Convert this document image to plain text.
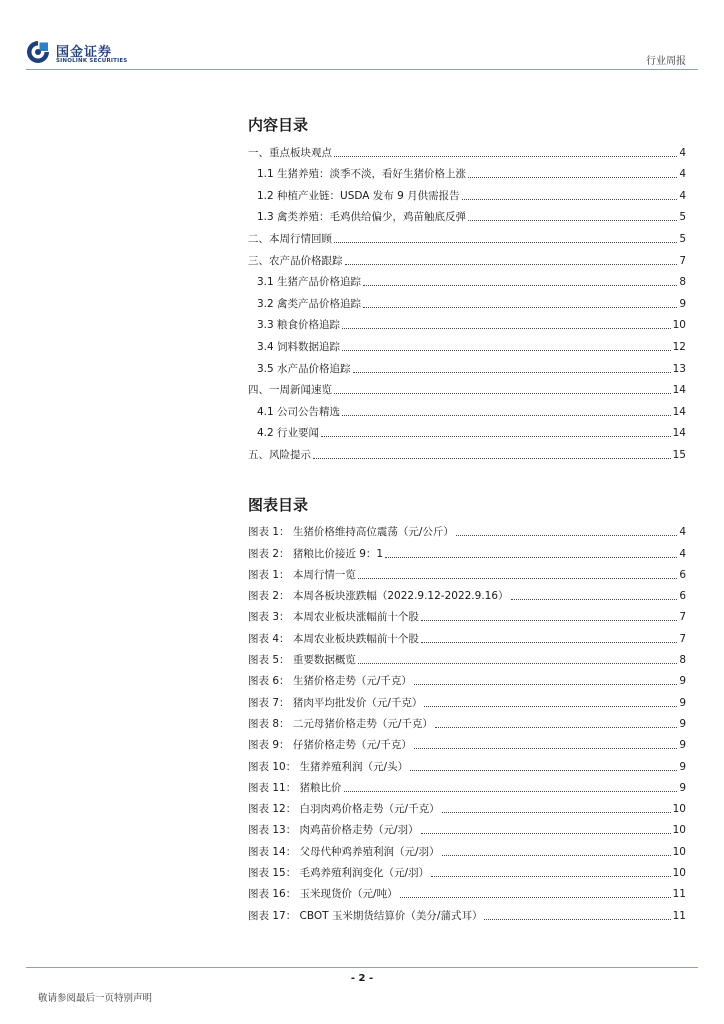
国金证券
SINOLINK SECURITIES	行业周报
内容目录
一、重点板块观点	4
1.1 生猪养殖：淡季不淡，看好生猪价格上涨	4
1.2 种植产业链：USDA 发布 9 月供需报告	4
1.3 禽类养殖：毛鸡供给偏少，鸡苗触底反弹	5
二、本周行情回顾	5
三、农产品价格跟踪	7
3.1 生猪产品价格追踪	8
3.2 禽类产品价格追踪	9
3.3 粮食价格追踪	10
3.4 饲料数据追踪	12
3.5 水产品价格追踪	13
四、一周新闻速览	14
4.1 公司公告精选	14
4.2 行业要闻	14
五、风险提示	15
图表目录
图表 1： 生猪价格维持高位震荡（元/公斤）	4
图表 2： 猪粮比价接近 9：1	4
图表 1： 本周行情一览	6
图表 2： 本周各板块涨跌幅（2022.9.12-2022.9.16）	6
图表 3： 本周农业板块涨幅前十个股	7
图表 4： 本周农业板块跌幅前十个股	7
图表 5： 重要数据概览	8
图表 6： 生猪价格走势（元/千克）	9
图表 7： 猪肉平均批发价（元/千克）	9
图表 8： 二元母猪价格走势（元/千克）	9
图表 9： 仔猪价格走势（元/千克）	9
图表 10： 生猪养殖利润（元/头）	9
图表 11： 猪粮比价	9
图表 12： 白羽肉鸡价格走势（元/千克）	10
图表 13： 肉鸡苗价格走势（元/羽）	10
图表 14： 父母代种鸡养殖利润（元/羽）	10
图表 15： 毛鸡养殖利润变化（元/羽）	10
图表 16： 玉米现货价（元/吨）	11
图表 17： CBOT 玉米期货结算价（美分/蒲式耳）	11
- 2 -
敬请参阅最后一页特别声明
